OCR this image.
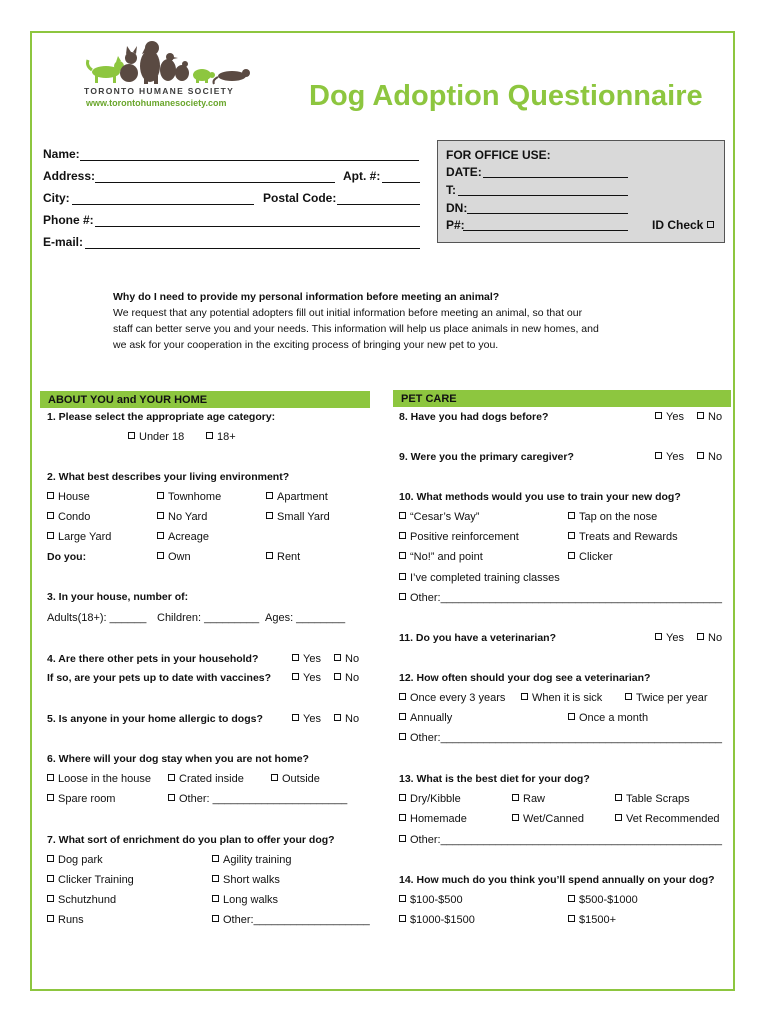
TORONTO HUMANE SOCIETY
www.torontohumanesociety.com	Dog Adoption Questionnaire
Name:
Address:	Apt. #:
City:	Postal Code:
Phone #:
E-mail:
FOR OFFICE USE:
DATE:
T:
DN:
P#:	ID Check
Why do I need to provide my personal information before meeting an animal?
We request that any potential adopters fill out initial information before meeting an animal, so that our
staff can better serve you and your needs. This information will help us place animals in new homes, and
we ask for your cooperation in the exciting process of bringing your new pet to you.
ABOUT YOU and YOUR HOME	PET CARE
1. Please select the appropriate age category:
Under 18	18+
2. What best describes your living environment?
House	Townhome	Apartment
Condo	No Yard	Small Yard
Large Yard	Acreage
Do you:	Own	Rent
3. In your house, number of:
Adults(18+): ______ Children: _________ Ages: ________
4. Are there other pets in your household?	Yes	No
If so, are your pets up to date with vaccines?	Yes	No
5. Is anyone in your home allergic to dogs?	Yes	No
6. Where will your dog stay when you are not home?
Loose in the house	Crated inside	Outside
Spare room	Other: ______________________
7. What sort of enrichment do you plan to offer your dog?
Dog park	Agility training
Clicker Training	Short walks
Schutzhund	Long walks
Runs	Other:___________________
8. Have you had dogs before?	Yes	No
9. Were you the primary caregiver?	Yes	No
10. What methods would you use to train your new dog?
“Cesar’s Way”	Tap on the nose
Positive reinforcement	Treats and Rewards
“No!” and point	Clicker
I’ve completed training classes
Other:______________________________________________
11. Do you have a veterinarian?	Yes	No
12. How often should your dog see a veterinarian?
Once every 3 years	When it is sick	Twice per year
Annually	Once a month
Other:______________________________________________
13. What is the best diet for your dog?
Dry/Kibble	Raw	Table Scraps
Homemade	Wet/Canned	Vet Recommended
Other:______________________________________________
14. How much do you think you’ll spend annually on your dog?
$100-$500	$500-$1000
$1000-$1500	$1500+
